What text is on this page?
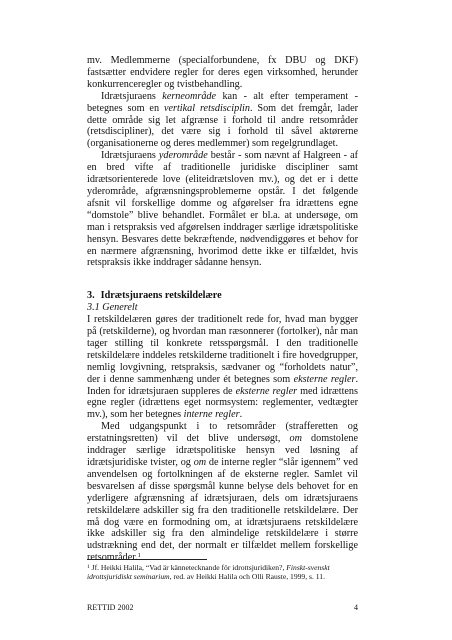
mv. Medlemmerne (specialforbundene, fx DBU og DKF) fastsætter endvidere regler for deres egen virksomhed, herunder konkurrenceregler og tvistbehandling.

Idrætsjuraens kerneområde kan - alt efter temperament - betegnes som en vertikal retsdisciplin. Som det fremgår, lader dette område sig let afgrænse i forhold til andre retsområder (retsdiscipliner), det være sig i forhold til såvel aktørerne (organisationerne og deres medlemmer) som regelgrundlaget.

Idrætsjuraens yderområde består - som nævnt af Halgreen - af en bred vifte af traditionelle juridiske discipliner samt idrætsorienterede love (eliteidrætsloven mv.), og det er i dette yderområde, afgrænsningsproblemerne opstår. I det følgende afsnit vil forskellige domme og afgørelser fra idrættens egne “domstole” blive behandlet. Formålet er bl.a. at undersøge, om man i retspraksis ved afgørelsen inddrager særlige idrætspolitiske hensyn. Besvares dette bekræftende, nødvendiggøres et behov for en nærmere afgrænsning, hvorimod dette ikke er tilfældet, hvis retspraksis ikke inddrager sådanne hensyn.

3. Idrætsjuraens retskildelære

3.1 Generelt

I retskildelæren gøres der traditionelt rede for, hvad man bygger på (retskilderne), og hvordan man ræsonnerer (fortolker), når man tager stilling til konkrete retsspørgsmål. I den traditionelle retskildelære inddeles retskilderne traditionelt i fire hovedgrupper, nemlig lovgivning, retspraksis, sædvaner og “forholdets natur”, der i denne sammenhæng under ét betegnes som eksterne regler. Inden for idrætsjuraen suppleres de eksterne regler med idrættens egne regler (idrættens eget normsystem: reglementer, vedtægter mv.), som her betegnes interne regler.

Med udgangspunkt i to retsområder (strafferetten og erstatningsretten) vil det blive undersøgt, om domstolene inddrager særlige idrætspolitiske hensyn ved løsning af idrætsjuridiske tvister, og om de interne regler “slår igennem” ved anvendelsen og fortolkningen af de eksterne regler. Samlet vil besvarelsen af disse spørgsmål kunne belyse dels behovet for en yderligere afgrænsning af idrætsjuraen, dels om idrætsjuraens retskildelære adskiller sig fra den traditionelle retskildelære. Der må dog være en formodning om, at idrætsjuraens retskildelære ikke adskiller sig fra den almindelige retskildelære i større udstrækning end det, der normalt er tilfældet mellem forskellige retsområder.$^1$

$^1$ Jf. Heikki Halila, “Vad är kännetecknande för idrottsjuridiken?, Finskt-svenskt idrottsjuridiskt seminarium, red. av Heikki Halila och Olli Rauste, 1999, s. 11.
RETTID 2002	4
